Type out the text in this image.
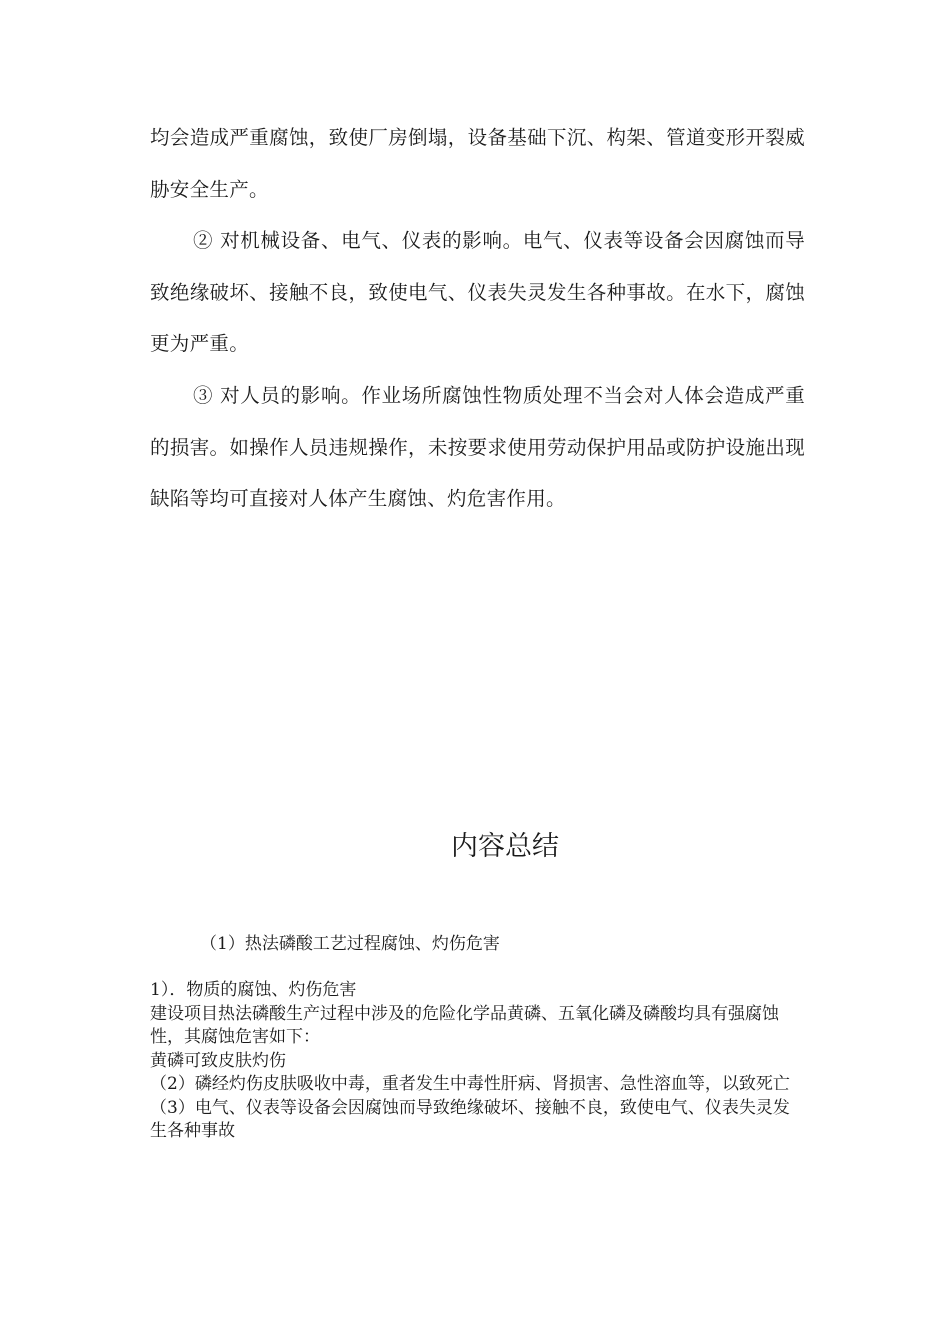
均会造成严重腐蚀，致使厂房倒塌，设备基础下沉、构架、管道变形开裂威胁安全生产。

② 对机械设备、电气、仪表的影响。电气、仪表等设备会因腐蚀而导致绝缘破坏、接触不良，致使电气、仪表失灵发生各种事故。在水下，腐蚀更为严重。

③ 对人员的影响。作业场所腐蚀性物质处理不当会对人体会造成严重的损害。如操作人员违规操作，未按要求使用劳动保护用品或防护设施出现缺陷等均可直接对人体产生腐蚀、灼危害作用。

内容总结

（1）热法磷酸工艺过程腐蚀、灼伤危害

1）．物质的腐蚀、灼伤危害
建设项目热法磷酸生产过程中涉及的危险化学品黄磷、五氧化磷及磷酸均具有强腐蚀性，其腐蚀危害如下：
黄磷可致皮肤灼伤
（2）磷经灼伤皮肤吸收中毒，重者发生中毒性肝病、肾损害、急性溶血等，以致死亡
（3）电气、仪表等设备会因腐蚀而导致绝缘破坏、接触不良，致使电气、仪表失灵发生各种事故
